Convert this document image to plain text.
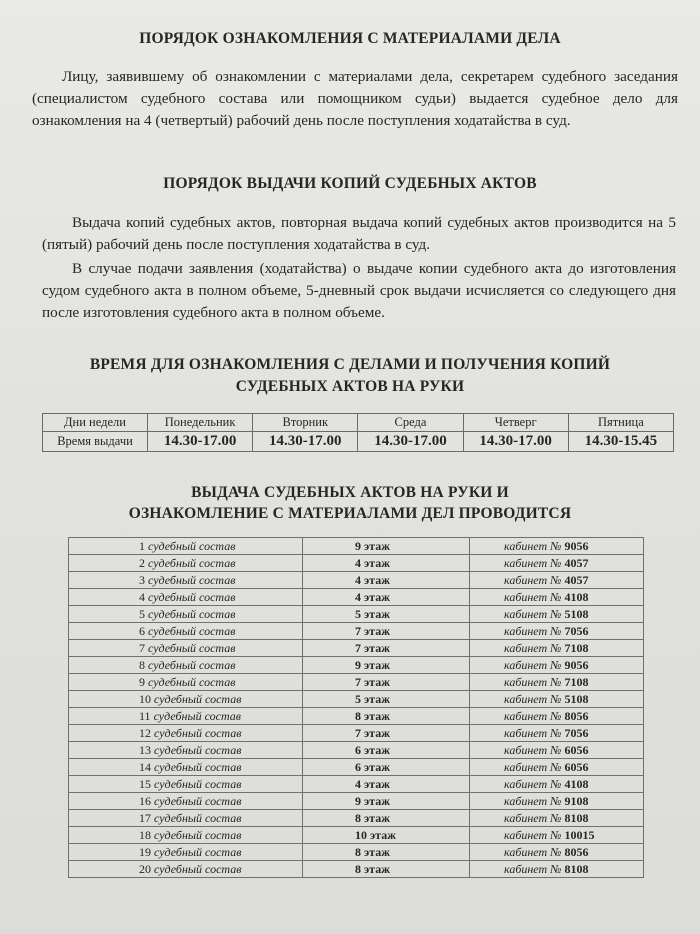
ПОРЯДОК ОЗНАКОМЛЕНИЯ С МАТЕРИАЛАМИ ДЕЛА
Лицу, заявившему об ознакомлении с материалами дела, секретарем судебного заседания (специалистом судебного состава или помощником судьи) выдается судебное дело для ознакомления на 4 (четвертый) рабочий день после поступления ходатайства в суд.
ПОРЯДОК ВЫДАЧИ КОПИЙ СУДЕБНЫХ АКТОВ
Выдача копий судебных актов, повторная выдача копий судебных актов производится на 5 (пятый) рабочий день после поступления ходатайства в суд.
В случае подачи заявления (ходатайства) о выдаче копии судебного акта до изготовления судом судебного акта в полном объеме, 5-дневный срок выдачи исчисляется со следующего дня после изготовления судебного акта в полном объеме.
ВРЕМЯ ДЛЯ ОЗНАКОМЛЕНИЯ С ДЕЛАМИ И ПОЛУЧЕНИЯ КОПИЙ
СУДЕБНЫХ АКТОВ НА РУКИ
Дни недели	Понедельник	Вторник	Среда	Четверг	Пятница
Время выдачи	14.30-17.00	14.30-17.00	14.30-17.00	14.30-17.00	14.30-15.45
ВЫДАЧА СУДЕБНЫХ АКТОВ НА РУКИ И
ОЗНАКОМЛЕНИЕ С МАТЕРИАЛАМИ ДЕЛ ПРОВОДИТСЯ
1 судебный состав	9 этаж	кабинет № 9056
2 судебный состав	4 этаж	кабинет № 4057
3 судебный состав	4 этаж	кабинет № 4057
4 судебный состав	4 этаж	кабинет № 4108
5 судебный состав	5 этаж	кабинет № 5108
6 судебный состав	7 этаж	кабинет № 7056
7 судебный состав	7 этаж	кабинет № 7108
8 судебный состав	9 этаж	кабинет № 9056
9 судебный состав	7 этаж	кабинет № 7108
10 судебный состав	5 этаж	кабинет № 5108
11 судебный состав	8 этаж	кабинет № 8056
12 судебный состав	7 этаж	кабинет № 7056
13 судебный состав	6 этаж	кабинет № 6056
14 судебный состав	6 этаж	кабинет № 6056
15 судебный состав	4 этаж	кабинет № 4108
16 судебный состав	9 этаж	кабинет № 9108
17 судебный состав	8 этаж	кабинет № 8108
18 судебный состав	10 этаж	кабинет № 10015
19 судебный состав	8 этаж	кабинет № 8056
20 судебный состав	8 этаж	кабинет № 8108
